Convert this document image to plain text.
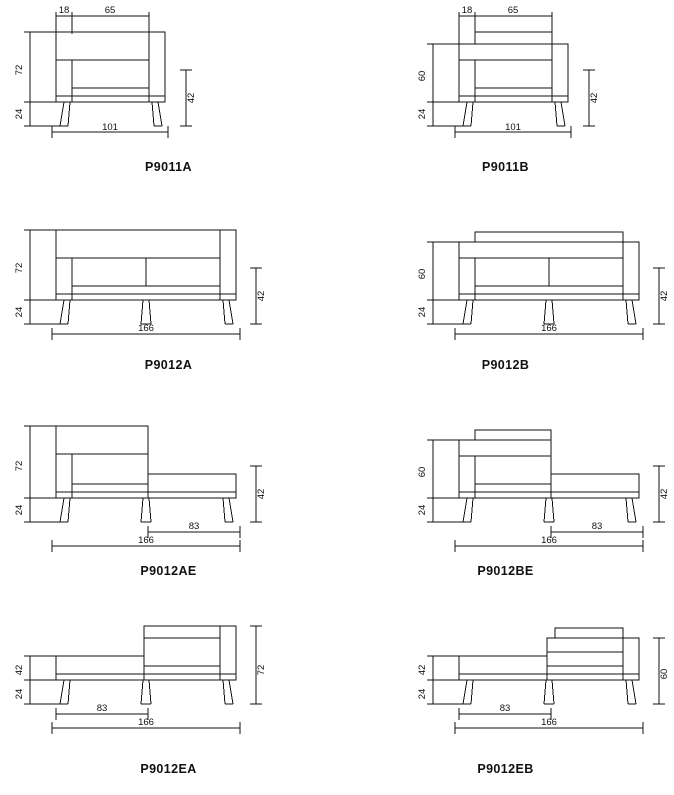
18	65
72
24
42
101
P9011A
18	65
60
24
42
101
P9011B
72
24
42
166
P9012A
60
24
42
166
P9012B
72
24
42
83
166
P9012AE
60
24
42
83
166
P9012BE
42
24
72
83
166
P9012EA
42
24
60
83
166
P9012EB
